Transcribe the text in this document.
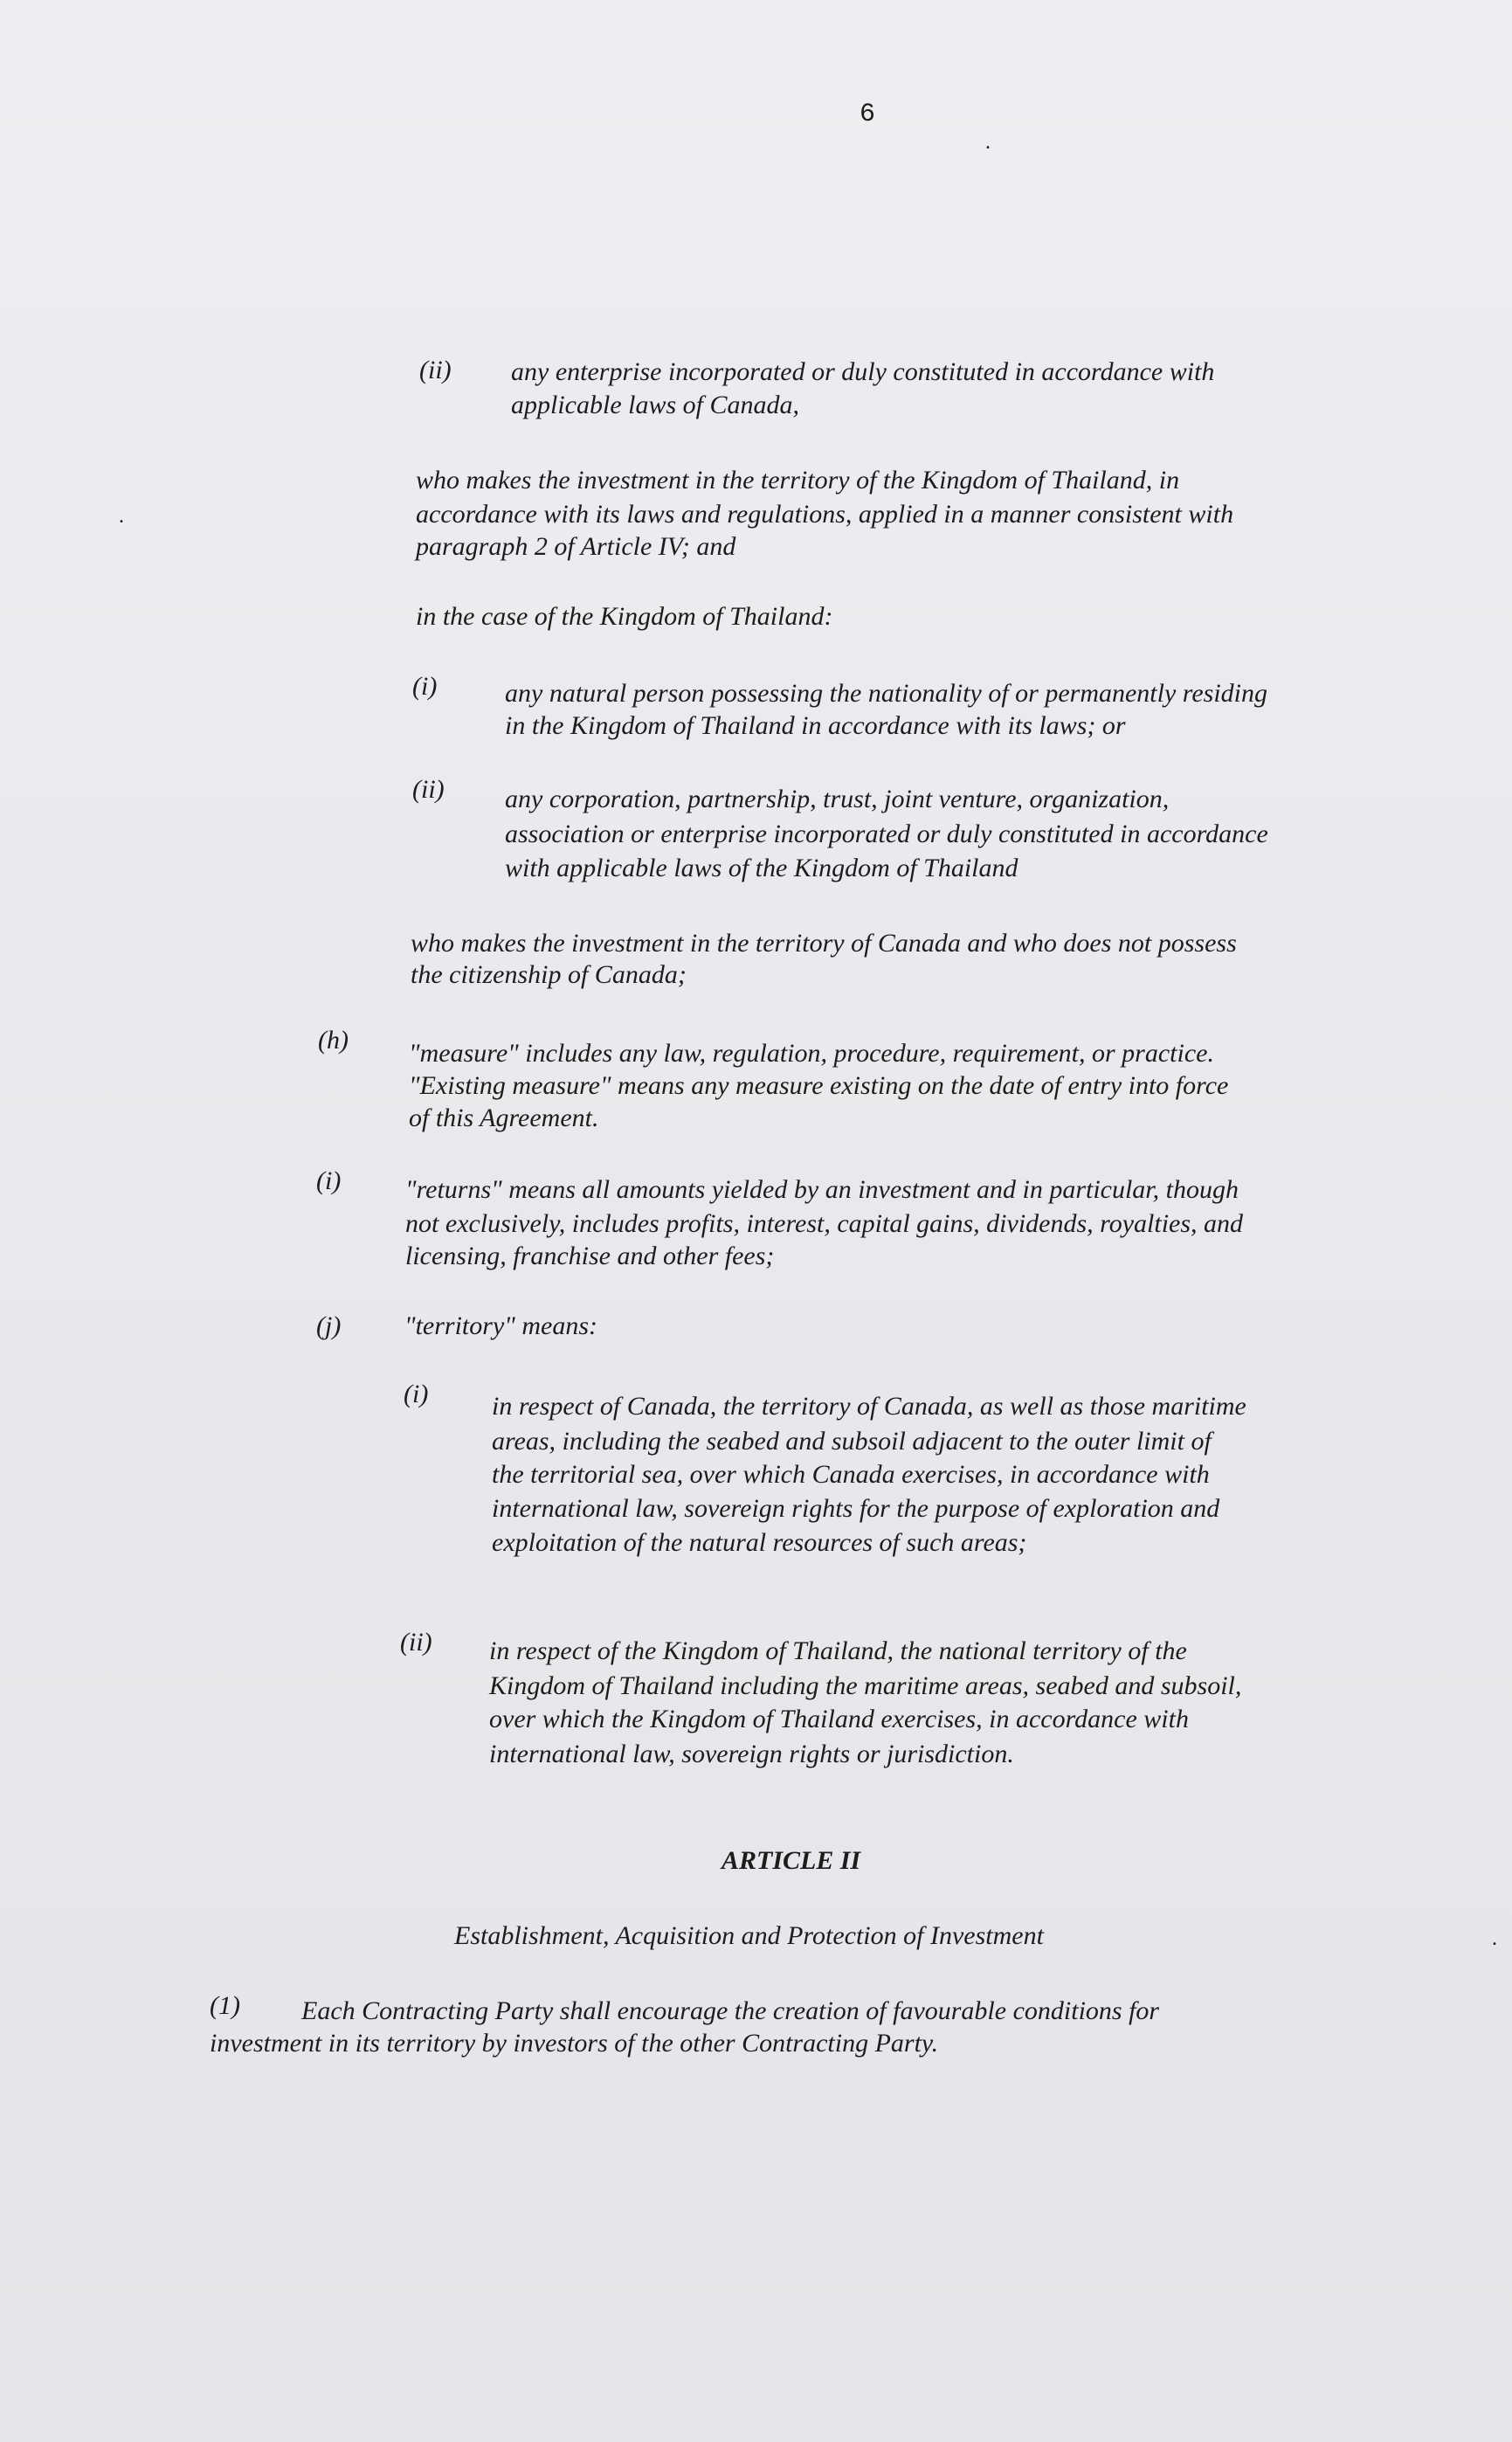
6
.
(ii) any enterprise incorporated or duly constituted in accordance with
applicable laws of Canada,
who makes the investment in the territory of the Kingdom of Thailand, in
accordance with its laws and regulations, applied in a manner consistent with
paragraph 2 of Article IV; and
in the case of the Kingdom of Thailand:
(i)	any natural person possessing the nationality of or permanently residing
in the Kingdom of Thailand in accordance with its laws; or
(ii) any corporation, partnership, trust, joint venture, organization,
association or enterprise incorporated or duly constituted in accordance
with applicable laws of the Kingdom of Thailand
who makes the investment in the territory of Canada and who does not possess
the citizenship of Canada;
(h) "measure" includes any law, regulation, procedure, requirement, or practice.
"Existing measure" means any measure existing on the date of entry into force
of this Agreement.
(i) "returns" means all amounts yielded by an investment and in particular, though
not exclusively, includes profits, interest, capital gains, dividends, royalties, and
licensing, franchise and other fees;
(j) "territory" means:
(i) in respect of Canada, the territory of Canada, as well as those maritime
areas, including the seabed and subsoil adjacent to the outer limit of
the territorial sea, over which Canada exercises, in accordance with
international law, sovereign rights for the purpose of exploration and
exploitation of the natural resources of such areas;
(ii) in respect of the Kingdom of Thailand, the national territory of the
Kingdom of Thailand including the maritime areas, seabed and subsoil,
over which the Kingdom of Thailand exercises, in accordance with
international law, sovereign rights or jurisdiction.
ARTICLE II
Establishment, Acquisition and Protection of Investment
(1) Each Contracting Party shall encourage the creation of favourable conditions for
investment in its territory by investors of the other Contracting Party.
.
.
